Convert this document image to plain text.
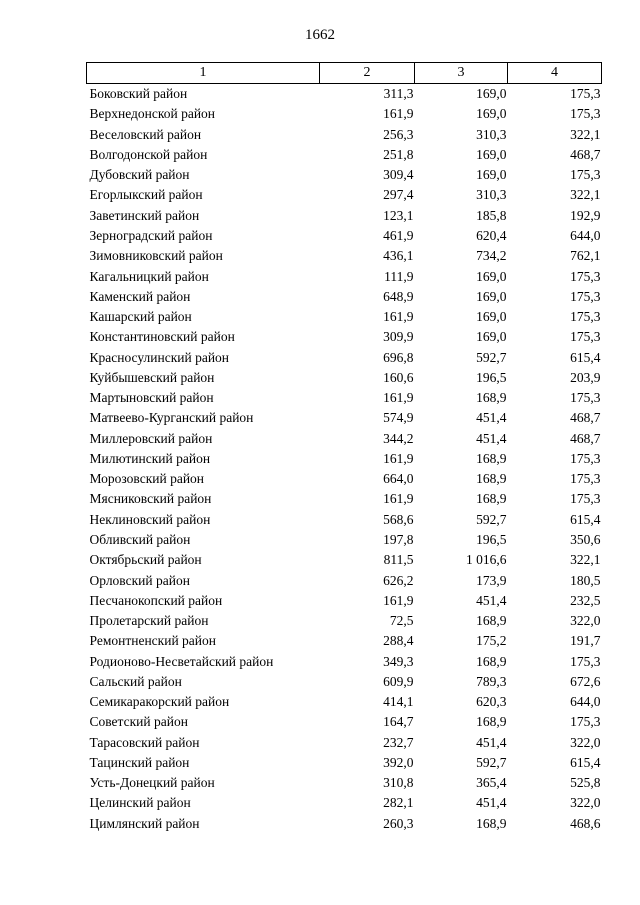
1662
1	2	3	4
Боковский район	311,3	169,0	175,3
Верхнедонской район	161,9	169,0	175,3
Веселовский район	256,3	310,3	322,1
Волгодонской район	251,8	169,0	468,7
Дубовский район	309,4	169,0	175,3
Егорлыкский район	297,4	310,3	322,1
Заветинский район	123,1	185,8	192,9
Зерноградский район	461,9	620,4	644,0
Зимовниковский район	436,1	734,2	762,1
Кагальницкий район	111,9	169,0	175,3
Каменский район	648,9	169,0	175,3
Кашарский район	161,9	169,0	175,3
Константиновский район	309,9	169,0	175,3
Красносулинский район	696,8	592,7	615,4
Куйбышевский район	160,6	196,5	203,9
Мартыновский район	161,9	168,9	175,3
Матвеево-Курганский район	574,9	451,4	468,7
Миллеровский район	344,2	451,4	468,7
Милютинский район	161,9	168,9	175,3
Морозовский район	664,0	168,9	175,3
Мясниковский район	161,9	168,9	175,3
Неклиновский район	568,6	592,7	615,4
Обливский район	197,8	196,5	350,6
Октябрьский район	811,5	1 016,6	322,1
Орловский район	626,2	173,9	180,5
Песчанокопский район	161,9	451,4	232,5
Пролетарский район	72,5	168,9	322,0
Ремонтненский район	288,4	175,2	191,7
Родионово-Несветайский район	349,3	168,9	175,3
Сальский район	609,9	789,3	672,6
Семикаракорский район	414,1	620,3	644,0
Советский район	164,7	168,9	175,3
Тарасовский район	232,7	451,4	322,0
Тацинский район	392,0	592,7	615,4
Усть-Донецкий район	310,8	365,4	525,8
Целинский район	282,1	451,4	322,0
Цимлянский район	260,3	168,9	468,6
